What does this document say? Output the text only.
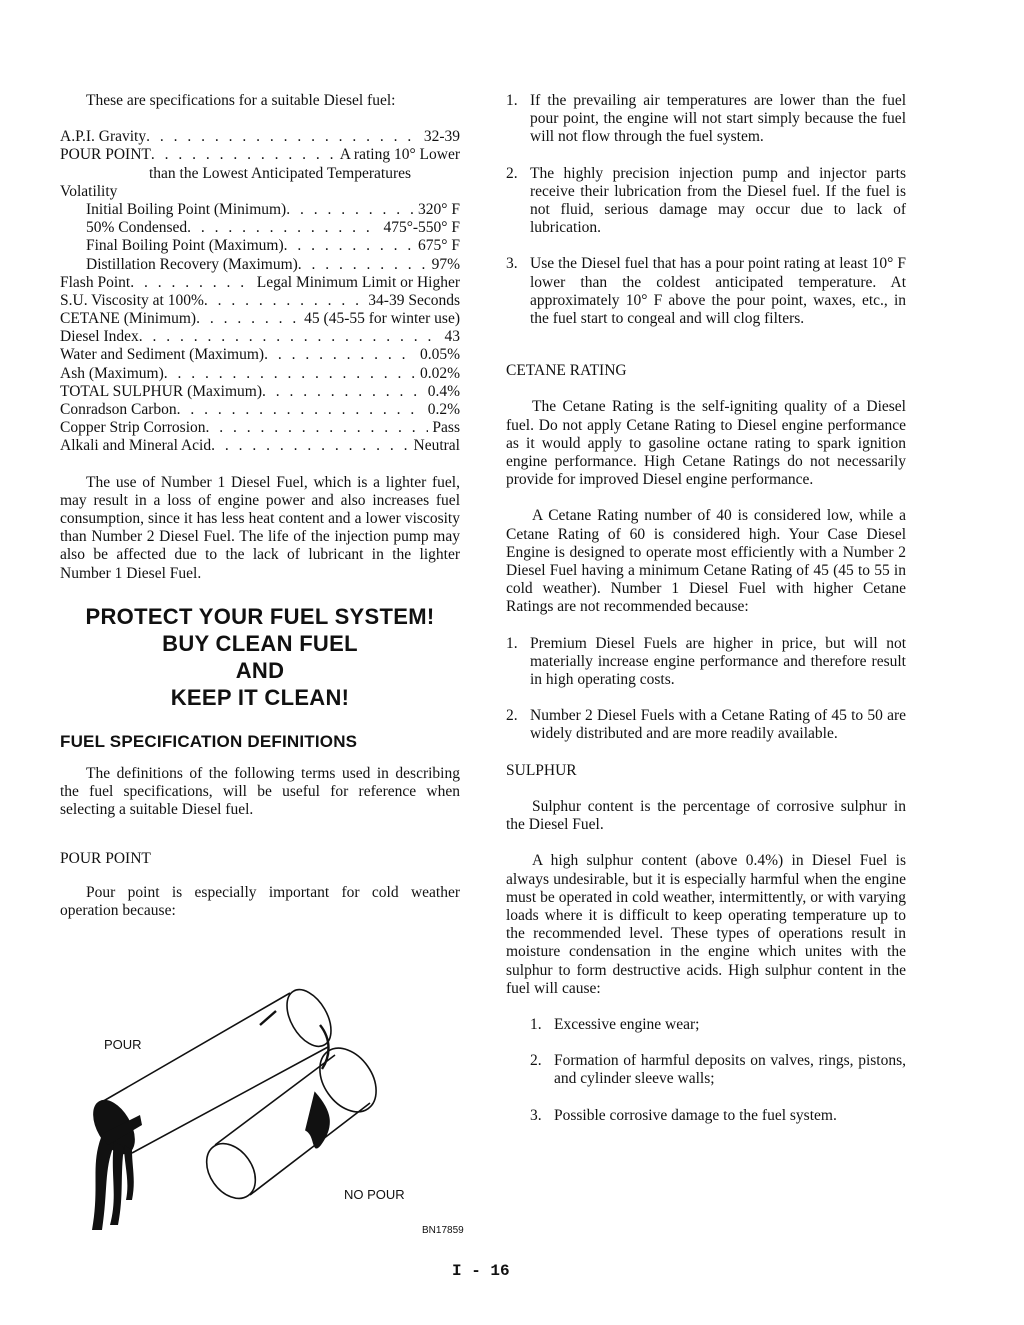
These are specifications for a suitable Diesel fuel:

A.P.I. Gravity . . .	32-39
POUR POINT . . .	A rating 10° Lower
than the Lowest Anticipated Temperatures
Volatility
Initial Boiling Point (Minimum) . . .	320° F
50% Condensed . . .	475°-550° F
Final Boiling Point (Maximum) . . .	675° F
Distillation Recovery (Maximum) . . .	97%
Flash Point . . .	Legal Minimum Limit or Higher
S.U. Viscosity at 100% . . .	34-39 Seconds
CETANE (Minimum) . . .	45 (45-55 for winter use)
Diesel Index . . .	43
Water and Sediment (Maximum) . . .	0.05%
Ash (Maximum) . . .	0.02%
TOTAL SULPHUR (Maximum) . . .	0.4%
Conradson Carbon . . .	0.2%
Copper Strip Corrosion . . .	Pass
Alkali and Mineral Acid . . .	Neutral

The use of Number 1 Diesel Fuel, which is a lighter fuel, may result in a loss of engine power and also increases fuel consumption, since it has less heat content and a lower viscosity than Number 2 Diesel Fuel. The life of the injection pump may also be affected due to the lack of lubricant in the lighter Number 1 Diesel Fuel.

PROTECT YOUR FUEL SYSTEM!
BUY CLEAN FUEL
AND
KEEP IT CLEAN!
FUEL SPECIFICATION DEFINITIONS

The definitions of the following terms used in describing the fuel specifications, will be useful for reference when selecting a suitable Diesel fuel.

POUR POINT

Pour point is especially important for cold weather operation because:

POUR
NO POUR
BN17859
1. If the prevailing air temperatures are lower than the fuel pour point, the engine will not start simply because the fuel will not flow through the fuel system.
2. The highly precision injection pump and injector parts receive their lubrication from the Diesel fuel. If the fuel is not fluid, serious damage may occur due to lack of lubrication.
3. Use the Diesel fuel that has a pour point rating at least 10° F lower than the coldest anticipated temperature. At approximately 10° F above the pour point, waxes, etc., in the fuel start to congeal and will clog filters.
CETANE RATING

The Cetane Rating is the self-igniting quality of a Diesel fuel. Do not apply Cetane Rating to Diesel engine performance as it would apply to gasoline octane rating to spark ignition engine performance. High Cetane Ratings do not necessarily provide for improved Diesel engine performance.

A Cetane Rating number of 40 is considered low, while a Cetane Rating of 60 is considered high. Your Case Diesel Engine is designed to operate most efficiently with a Number 2 Diesel Fuel having a minimum Cetane Rating of 45 (45 to 55 in cold weather). Number 1 Diesel Fuel with higher Cetane Ratings are not recommended because:

1. Premium Diesel Fuels are higher in price, but will not materially increase engine performance and therefore result in high operating costs.
2. Number 2 Diesel Fuels with a Cetane Rating of 45 to 50 are widely distributed and are more readily available.
SULPHUR

Sulphur content is the percentage of corrosive sulphur in the Diesel Fuel.

A high sulphur content (above 0.4%) in Diesel Fuel is always undesirable, but it is especially harmful when the engine must be operated in cold weather, intermittently, or with varying loads where it is difficult to keep operating temperature up to the recommended level. These types of operations result in moisture condensation in the engine which unites with the sulphur to form destructive acids. High sulphur content in the fuel will cause:

1. Excessive engine wear;
2. Formation of harmful deposits on valves, rings, pistons, and cylinder sleeve walls;
3. Possible corrosive damage to the fuel system.
I - 16
